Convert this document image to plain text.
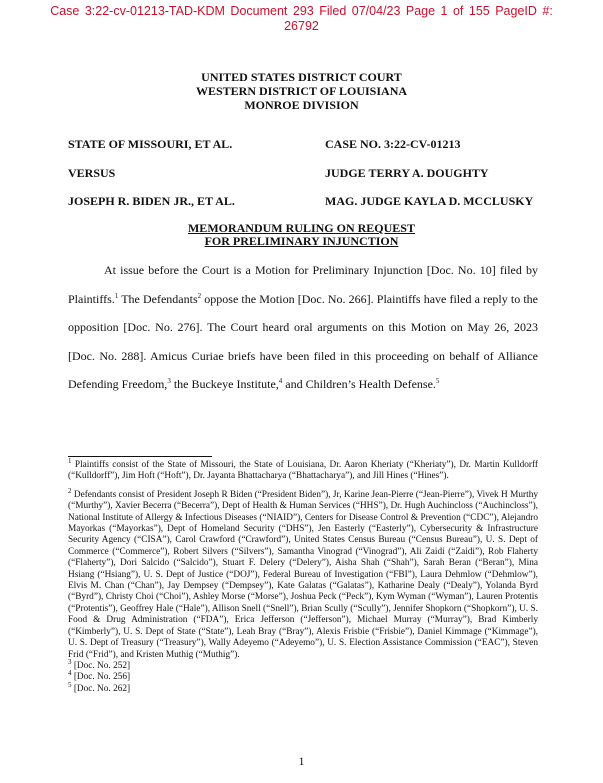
Case 3:22-cv-01213-TAD-KDM Document 293 Filed 07/04/23 Page 1 of 155 PageID #:
26792
UNITED STATES DISTRICT COURT
WESTERN DISTRICT OF LOUISIANA
MONROE DIVISION
STATE OF MISSOURI, ET AL.	CASE NO. 3:22-CV-01213
VERSUS	JUDGE TERRY A. DOUGHTY
JOSEPH R. BIDEN JR., ET AL.	MAG. JUDGE KAYLA D. MCCLUSKY
MEMORANDUM RULING ON REQUEST
FOR PRELIMINARY INJUNCTION

At issue before the Court is a Motion for Preliminary Injunction [Doc. No. 10] filed by Plaintiffs.$^1$ The Defendants$^2$ oppose the Motion [Doc. No. 266]. Plaintiffs have filed a reply to the opposition [Doc. No. 276]. The Court heard oral arguments on this Motion on May 26, 2023 [Doc. No. 288]. Amicus Curiae briefs have been filed in this proceeding on behalf of Alliance Defending Freedom,$^3$ the Buckeye Institute,$^4$ and Children’s Health Defense.$^5$

$^1$ Plaintiffs consist of the State of Missouri, the State of Louisiana, Dr. Aaron Kheriaty (“Kheriaty”), Dr. Martin Kulldorff (“Kulldorff”), Jim Hoft (“Hoft”), Dr. Jayanta Bhattacharya (“Bhattacharya”), and Jill Hines (“Hines”).
$^2$ Defendants consist of President Joseph R Biden (“President Biden”), Jr, Karine Jean-Pierre (“Jean-Pierre”), Vivek H Murthy (“Murthy”), Xavier Becerra (“Becerra”), Dept of Health & Human Services (“HHS”), Dr. Hugh Auchincloss (“Auchincloss”), National Institute of Allergy & Infectious Diseases (“NIAID”), Centers for Disease Control & Prevention (“CDC”), Alejandro Mayorkas (“Mayorkas”), Dept of Homeland Security (“DHS”), Jen Easterly (“Easterly”), Cybersecurity & Infrastructure Security Agency (“CISA”), Carol Crawford (“Crawford”), United States Census Bureau (“Census Bureau”), U. S. Dept of Commerce (“Commerce”), Robert Silvers (“Silvers”), Samantha Vinograd (“Vinograd”), Ali Zaidi (“Zaidi”), Rob Flaherty (“Flaherty”), Dori Salcido (“Salcido”), Stuart F. Delery (“Delery”), Aisha Shah (“Shah”), Sarah Beran (“Beran”), Mina Hsiang (“Hsiang”), U. S. Dept of Justice (“DOJ”), Federal Bureau of Investigation (“FBI”), Laura Dehmlow (“Dehmlow”), Elvis M. Chan (“Chan”), Jay Dempsey (“Dempsey”), Kate Galatas (“Galatas”), Katharine Dealy (“Dealy”), Yolanda Byrd (“Byrd”), Christy Choi (“Choi”), Ashley Morse (“Morse”), Joshua Peck (“Peck”), Kym Wyman (“Wyman”), Lauren Protentis (“Protentis”), Geoffrey Hale (“Hale”), Allison Snell (“Snell”), Brian Scully (“Scully”), Jennifer Shopkorn (“Shopkorn”), U. S. Food & Drug Administration (“FDA”), Erica Jefferson (“Jefferson”), Michael Murray (“Murray”), Brad Kimberly (“Kimberly”), U. S. Dept of State (“State”), Leah Bray (“Bray”), Alexis Frisbie (“Frisbie”), Daniel Kimmage (“Kimmage”), U. S. Dept of Treasury (“Treasury”), Wally Adeyemo (“Adeyemo”), U. S. Election Assistance Commission (“EAC”), Steven Frid (“Frid”), and Kristen Muthig (“Muthig”).
$^3$ [Doc. No. 252]
$^4$ [Doc. No. 256]
$^5$ [Doc. No. 262]
1
